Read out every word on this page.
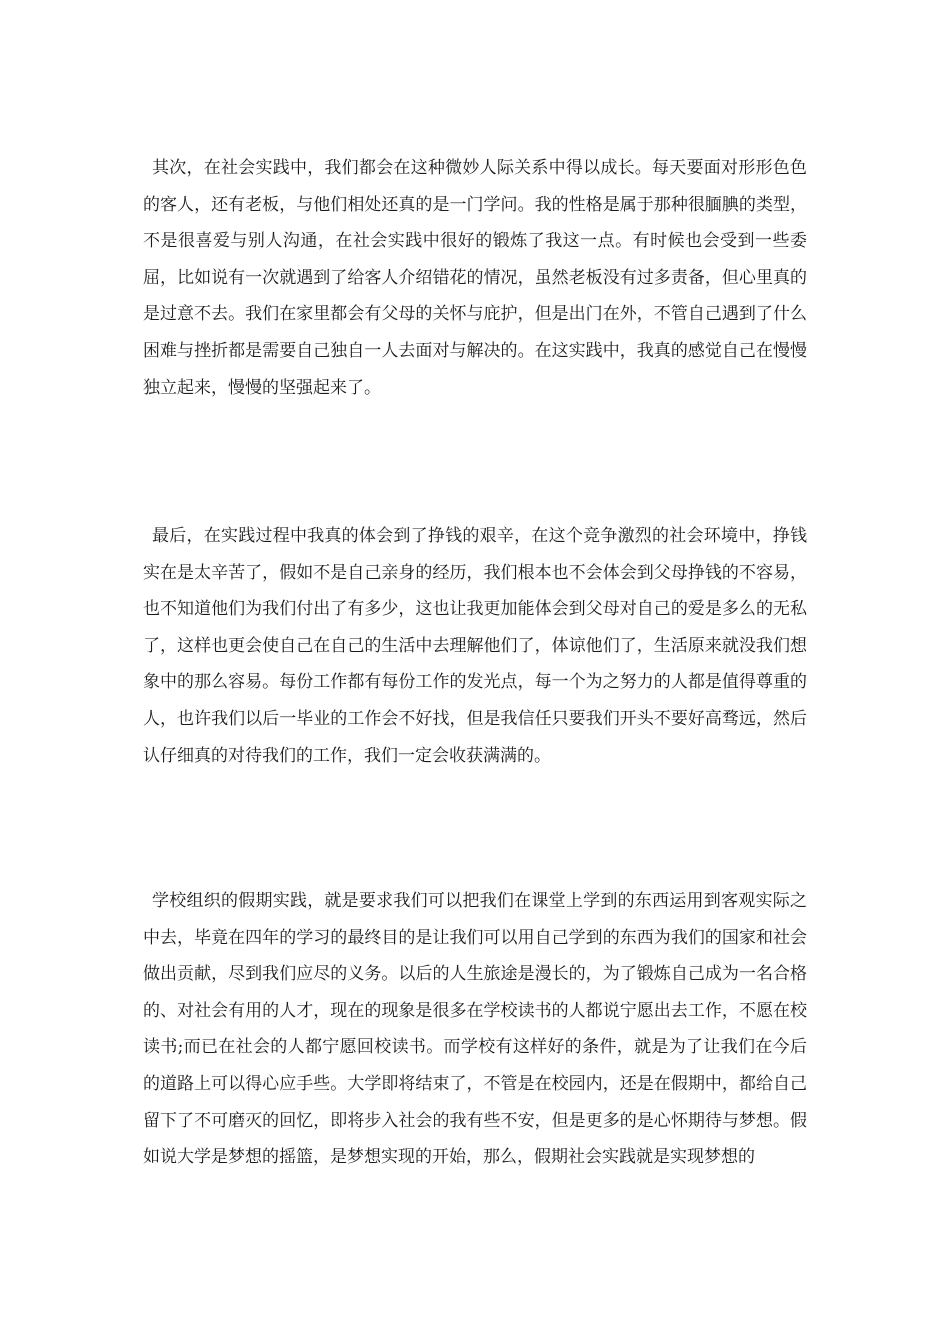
其次，在社会实践中，我们都会在这种微妙人际关系中得以成长。每天要面对形形色色的客人，还有老板，与他们相处还真的是一门学问。我的性格是属于那种很腼腆的类型，不是很喜爱与别人沟通，在社会实践中很好的锻炼了我这一点。有时候也会受到一些委屈，比如说有一次就遇到了给客人介绍错花的情况，虽然老板没有过多责备，但心里真的是过意不去。我们在家里都会有父母的关怀与庇护，但是出门在外，不管自己遇到了什么困难与挫折都是需要自己独自一人去面对与解决的。在这实践中，我真的感觉自己在慢慢独立起来，慢慢的坚强起来了。

最后，在实践过程中我真的体会到了挣钱的艰辛，在这个竞争激烈的社会环境中，挣钱实在是太辛苦了，假如不是自己亲身的经历，我们根本也不会体会到父母挣钱的不容易，也不知道他们为我们付出了有多少，这也让我更加能体会到父母对自己的爱是多么的无私了，这样也更会使自己在自己的生活中去理解他们了，体谅他们了，生活原来就没我们想象中的那么容易。每份工作都有每份工作的发光点，每一个为之努力的人都是值得尊重的人，也许我们以后一毕业的工作会不好找，但是我信任只要我们开头不要好高骛远，然后认仔细真的对待我们的工作，我们一定会收获满满的。

学校组织的假期实践，就是要求我们可以把我们在课堂上学到的东西运用到客观实际之中去，毕竟在四年的学习的最终目的是让我们可以用自己学到的东西为我们的国家和社会做出贡献，尽到我们应尽的义务。以后的人生旅途是漫长的，为了锻炼自己成为一名合格的、对社会有用的人才，现在的现象是很多在学校读书的人都说宁愿出去工作，不愿在校读书;而已在社会的人都宁愿回校读书。而学校有这样好的条件，就是为了让我们在今后的道路上可以得心应手些。大学即将结束了，不管是在校园内，还是在假期中，都给自己留下了不可磨灭的回忆，即将步入社会的我有些不安，但是更多的是心怀期待与梦想。假如说大学是梦想的摇篮，是梦想实现的开始，那么，假期社会实践就是实现梦想的
